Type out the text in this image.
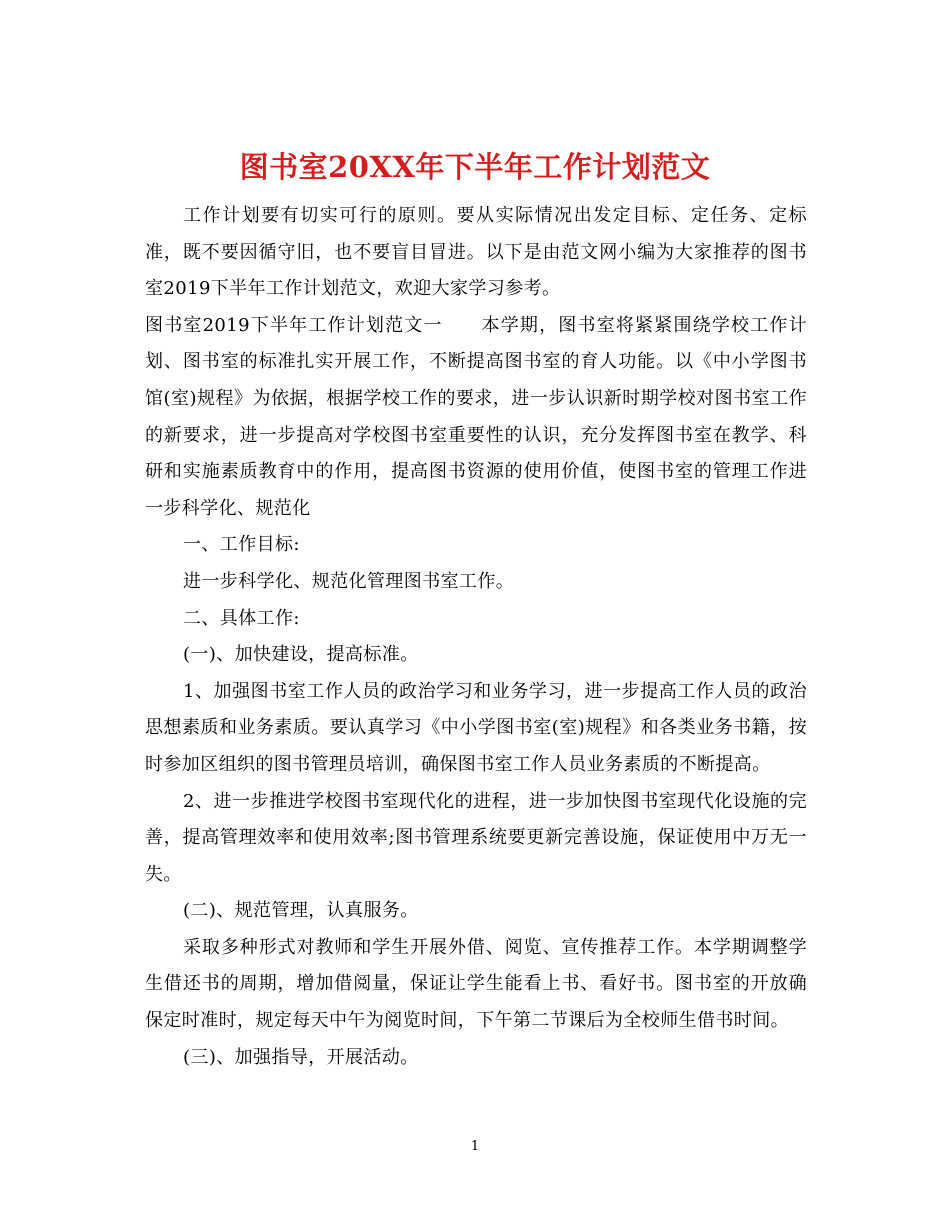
图书室20XX年下半年工作计划范文

工作计划要有切实可行的原则。要从实际情况出发定目标、定任务、定标准，既不要因循守旧，也不要盲目冒进。以下是由范文网小编为大家推荐的图书室2019下半年工作计划范文，欢迎大家学习参考。

图书室2019下半年工作计划范文一 本学期，图书室将紧紧围绕学校工作计划、图书室的标准扎实开展工作，不断提高图书室的育人功能。以《中小学图书馆(室)规程》为依据，根据学校工作的要求，进一步认识新时期学校对图书室工作的新要求，进一步提高对学校图书室重要性的认识，充分发挥图书室在教学、科研和实施素质教育中的作用，提高图书资源的使用价值，使图书室的管理工作进一步科学化、规范化

一、工作目标:

进一步科学化、规范化管理图书室工作。

二、具体工作:

(一)、加快建设，提高标准。

1、加强图书室工作人员的政治学习和业务学习，进一步提高工作人员的政治思想素质和业务素质。要认真学习《中小学图书室(室)规程》和各类业务书籍，按时参加区组织的图书管理员培训，确保图书室工作人员业务素质的不断提高。

2、进一步推进学校图书室现代化的进程，进一步加快图书室现代化设施的完善，提高管理效率和使用效率;图书管理系统要更新完善设施，保证使用中万无一失。

(二)、规范管理，认真服务。

采取多种形式对教师和学生开展外借、阅览、宣传推荐工作。本学期调整学生借还书的周期，增加借阅量，保证让学生能看上书、看好书。图书室的开放确保定时准时，规定每天中午为阅览时间，下午第二节课后为全校师生借书时间。

(三)、加强指导，开展活动。

1
